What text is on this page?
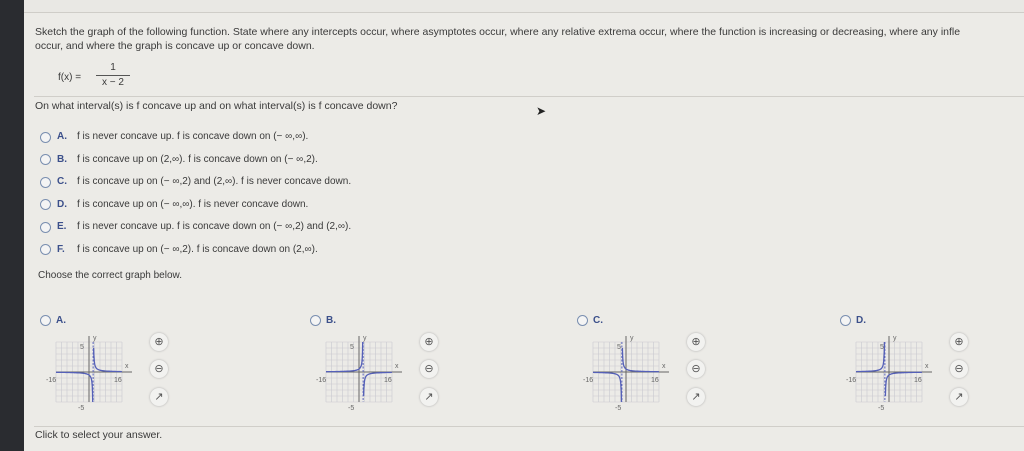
Sketch the graph of the following function. State where any intercepts occur, where asymptotes occur, where any relative extrema occur, where the function is increasing or decreasing, where any infle
occur, and where the graph is concave up or concave down.
f(x) =
1
x − 2
On what interval(s) is f concave up and on what interval(s) is f concave down?
A.	f is never concave up. f is concave down on (− ∞,∞).
B.	f is concave up on (2,∞). f is concave down on (− ∞,2).
C.	f is concave up on (− ∞,2) and (2,∞). f is never concave down.
D.	f is concave up on (− ∞,∞). f is never concave down.
E.	f is never concave up. f is concave down on (− ∞,2) and (2,∞).
F.	f is concave up on (− ∞,2). f is concave down on (2,∞).
Choose the correct graph below.
A.
y
x
-16	16
5
-5
⊕
⊖
↗
B.
y
x
-16	16
5
-5
⊕
⊖
↗
C.
y
x
-16	16
5
-5
⊕
⊖
↗
D.
y
x
-16	16
5
-5
⊕
⊖
↗
Click to select your answer.
➤
